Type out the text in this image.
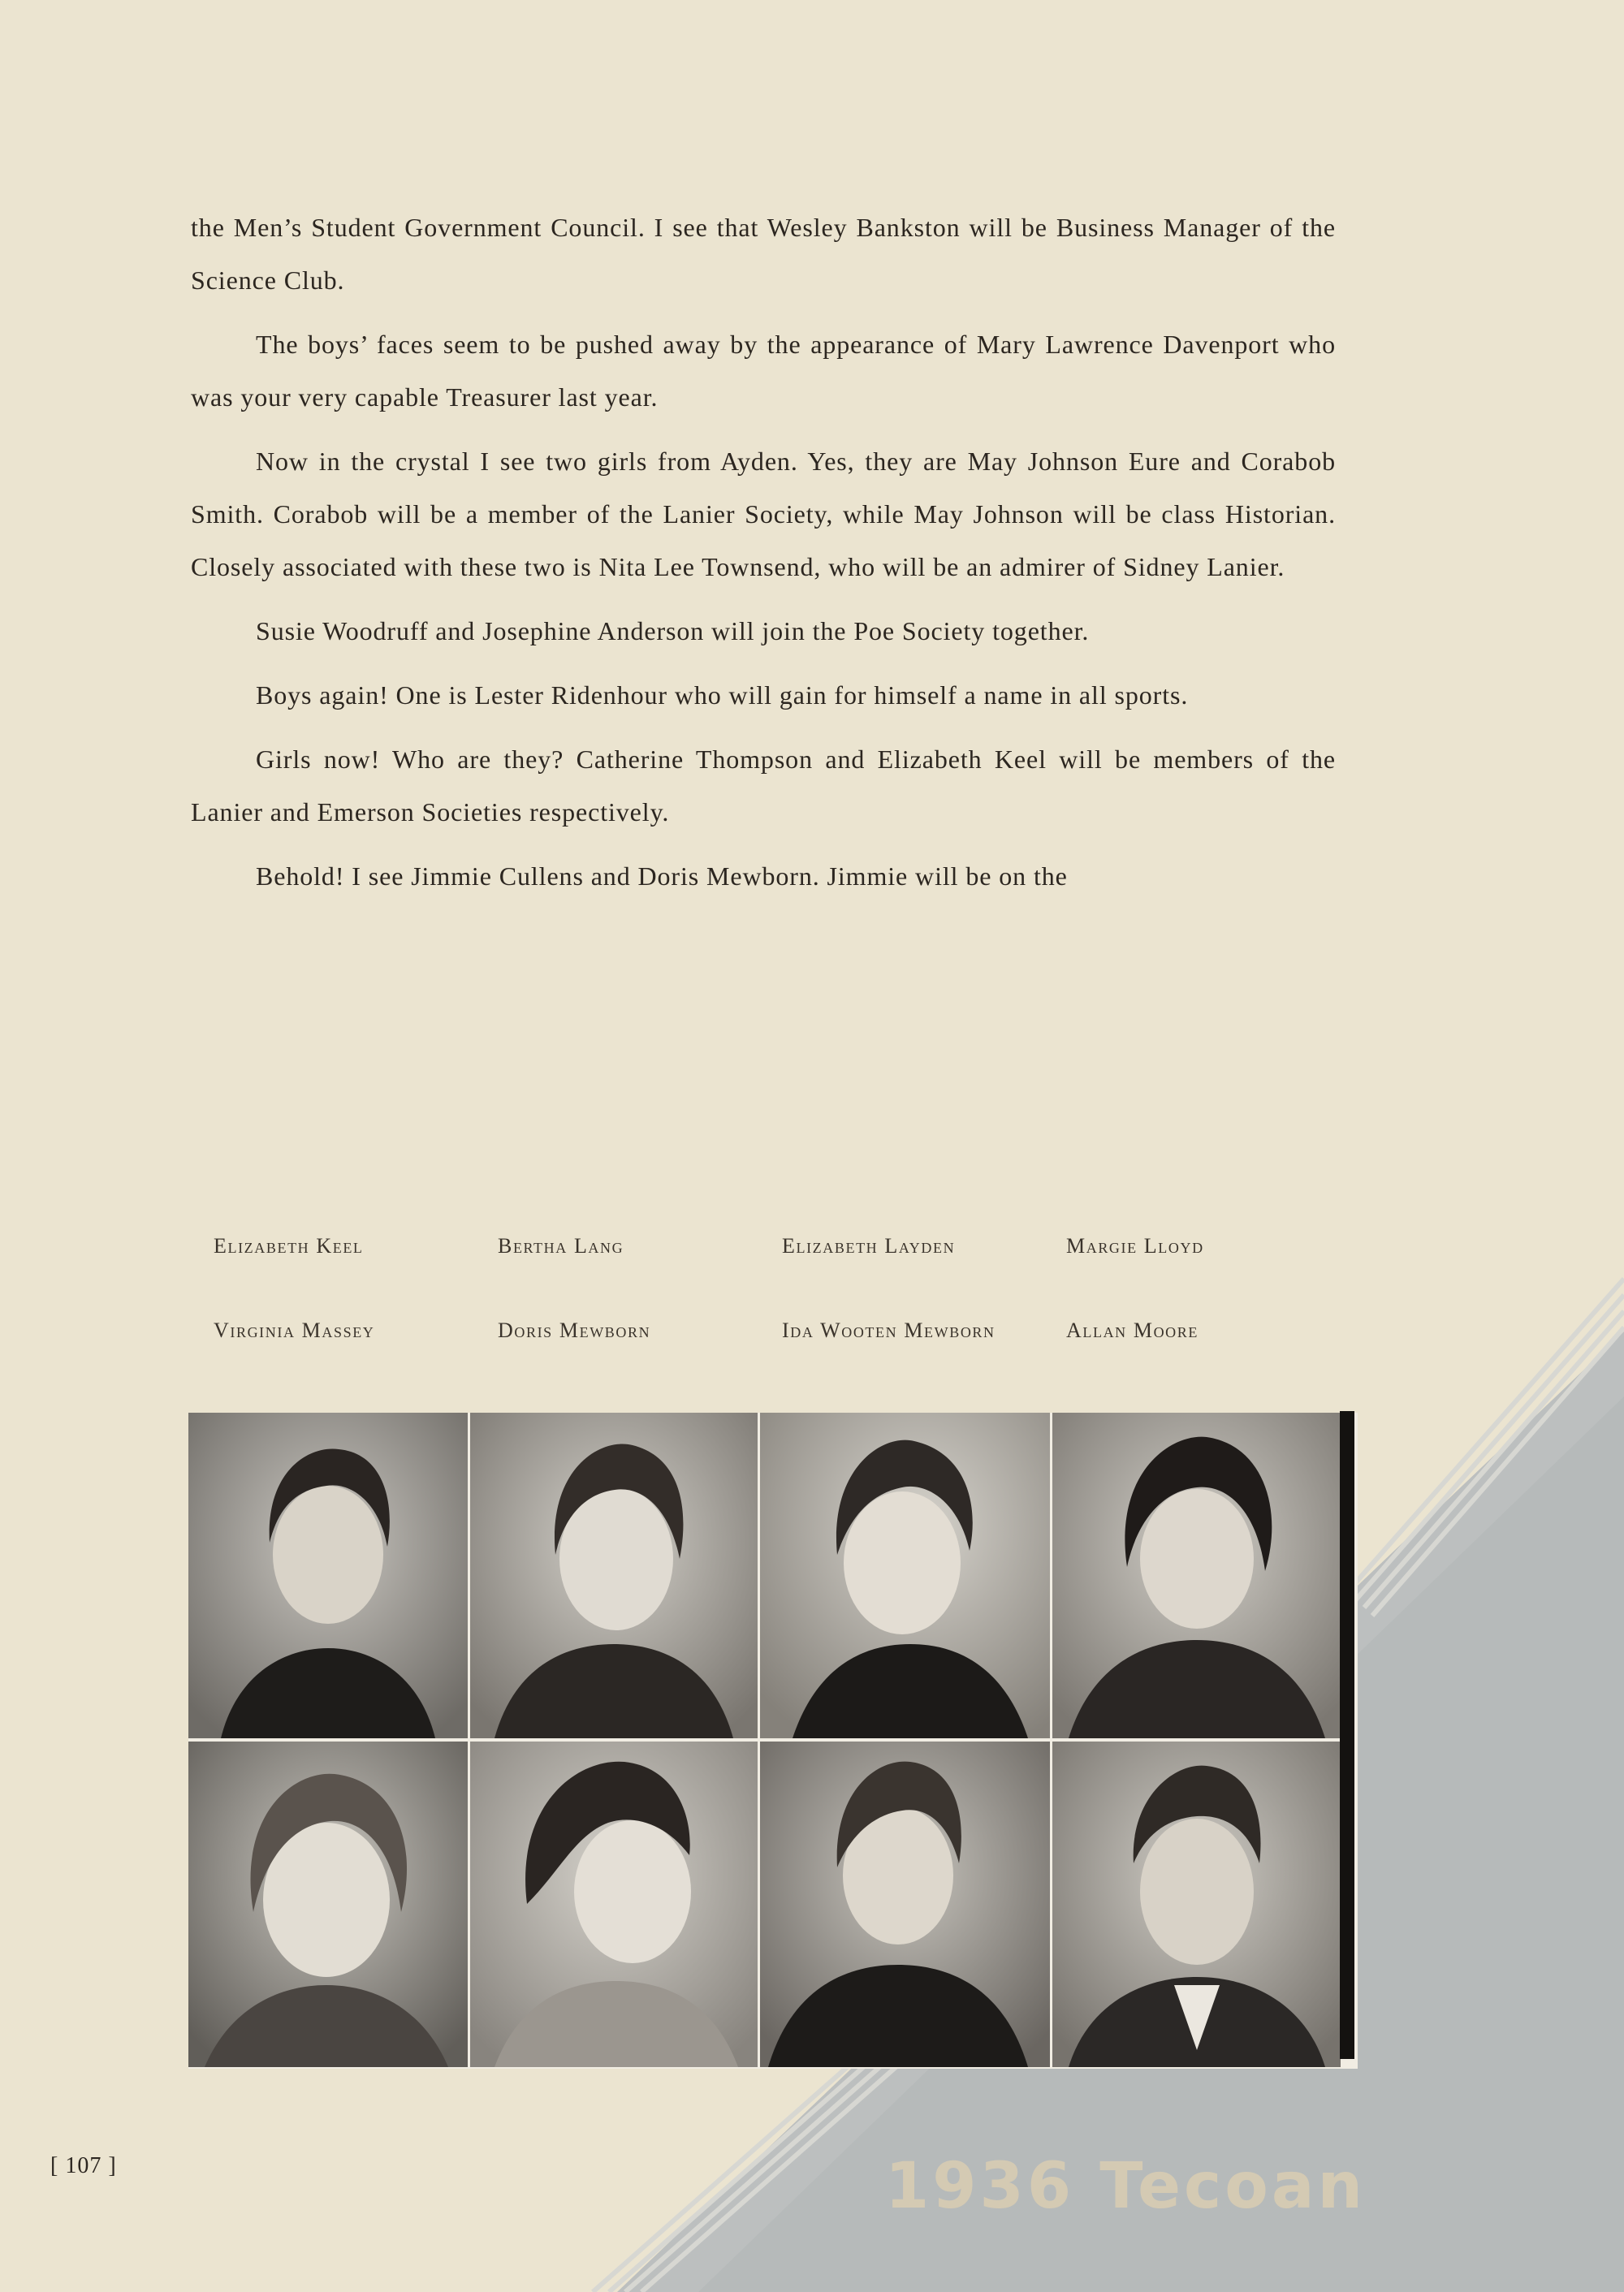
the Men’s Student Government Council. I see that Wesley Bankston will be Business Manager of the Science Club.

The boys’ faces seem to be pushed away by the appearance of Mary Lawrence Davenport who was your very capable Treasurer last year.

Now in the crystal I see two girls from Ayden. Yes, they are May Johnson Eure and Corabob Smith. Corabob will be a member of the Lanier Society, while May Johnson will be class Historian. Closely associated with these two is Nita Lee Townsend, who will be an admirer of Sidney Lanier.

Susie Woodruff and Josephine Anderson will join the Poe Society together.

Boys again! One is Lester Ridenhour who will gain for himself a name in all sports.

Girls now! Who are they? Catherine Thompson and Elizabeth Keel will be members of the Lanier and Emerson Societies respectively.

Behold! I see Jimmie Cullens and Doris Mewborn. Jimmie will be on the

Elizabeth Keel	Bertha Lang	Elizabeth Layden	Margie Lloyd
Virginia Massey	Doris Mewborn	Ida Wooten Mewborn	Allan Moore
[ 107 ]	1936 Tecoan
